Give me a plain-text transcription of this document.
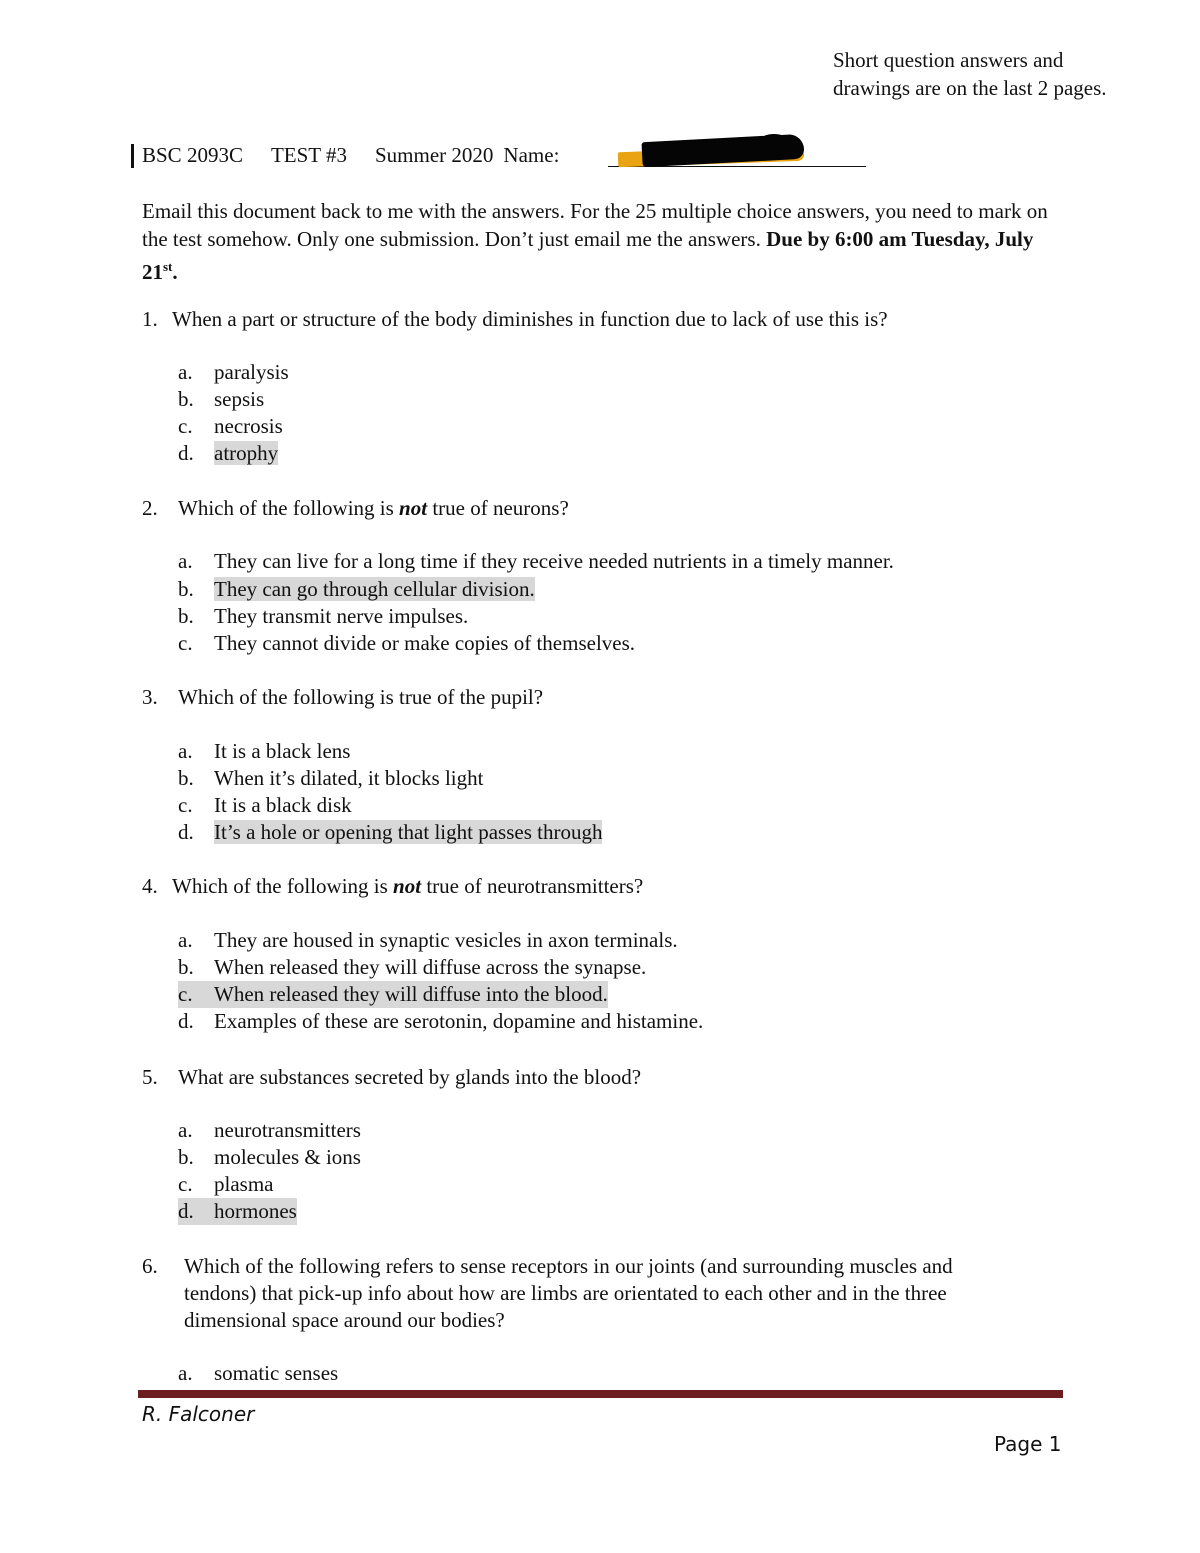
Short question answers and
drawings are on the last 2 pages.
BSC 2093C TEST #3 Summer 2020 Name:
Email this document back to me with the answers. For the 25 multiple choice answers, you need to mark on the test somehow. Only one submission. Don’t just email me the answers. Due by 6:00 am Tuesday, July 21st.
1. When a part or structure of the body diminishes in function due to lack of use this is?
a. paralysis
b. sepsis
c. necrosis
d. atrophy
2. Which of the following is not true of neurons?
a. They can live for a long time if they receive needed nutrients in a timely manner.
b. They can go through cellular division.
b. They transmit nerve impulses.
c. They cannot divide or make copies of themselves.
3. Which of the following is true of the pupil?
a. It is a black lens
b. When it’s dilated, it blocks light
c. It is a black disk
d. It’s a hole or opening that light passes through
4. Which of the following is not true of neurotransmitters?
a. They are housed in synaptic vesicles in axon terminals.
b. When released they will diffuse across the synapse.
c. When released they will diffuse into the blood.
d. Examples of these are serotonin, dopamine and histamine.
5. What are substances secreted by glands into the blood?
a. neurotransmitters
b. molecules & ions
c. plasma
d. hormones
6. Which of the following refers to sense receptors in our joints (and surrounding muscles and
tendons) that pick-up info about how are limbs are orientated to each other and in the three
dimensional space around our bodies?
a. somatic senses
R. Falconer
Page 1
